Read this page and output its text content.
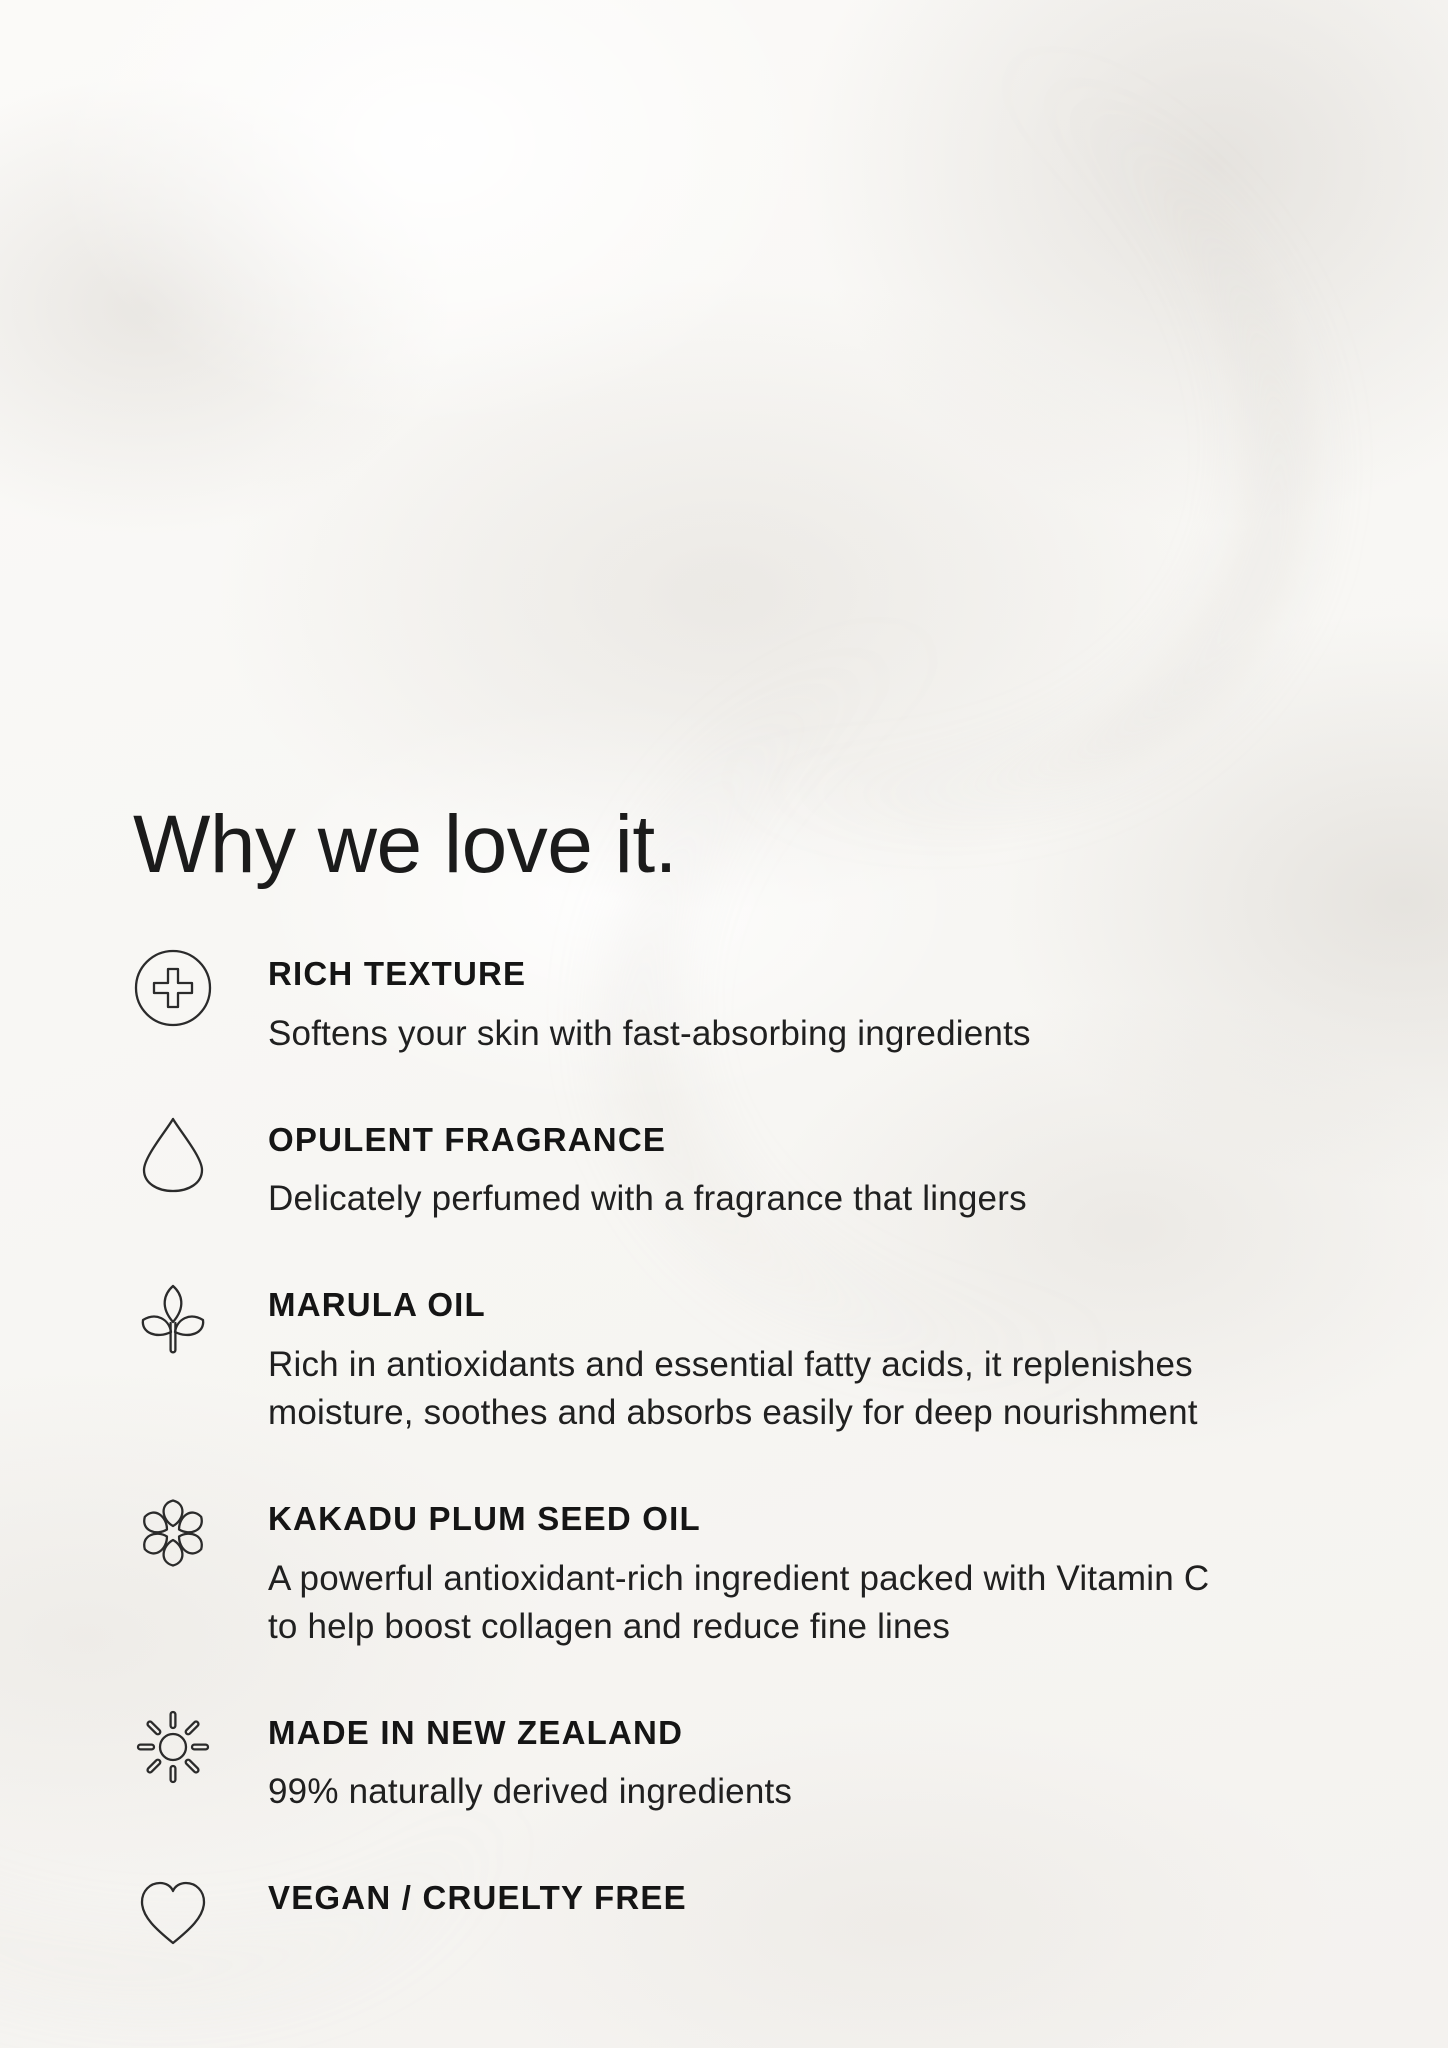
Why we love it.
RICH TEXTURE
Softens your skin with fast-absorbing ingredients
OPULENT FRAGRANCE
Delicately perfumed with a fragrance that lingers
MARULA OIL
Rich in antioxidants and essential fatty acids, it replenishes
moisture, soothes and absorbs easily for deep nourishment
KAKADU PLUM SEED OIL
A powerful antioxidant-rich ingredient packed with Vitamin C
to help boost collagen and reduce fine lines
MADE IN NEW ZEALAND
99% naturally derived ingredients
VEGAN / CRUELTY FREE
